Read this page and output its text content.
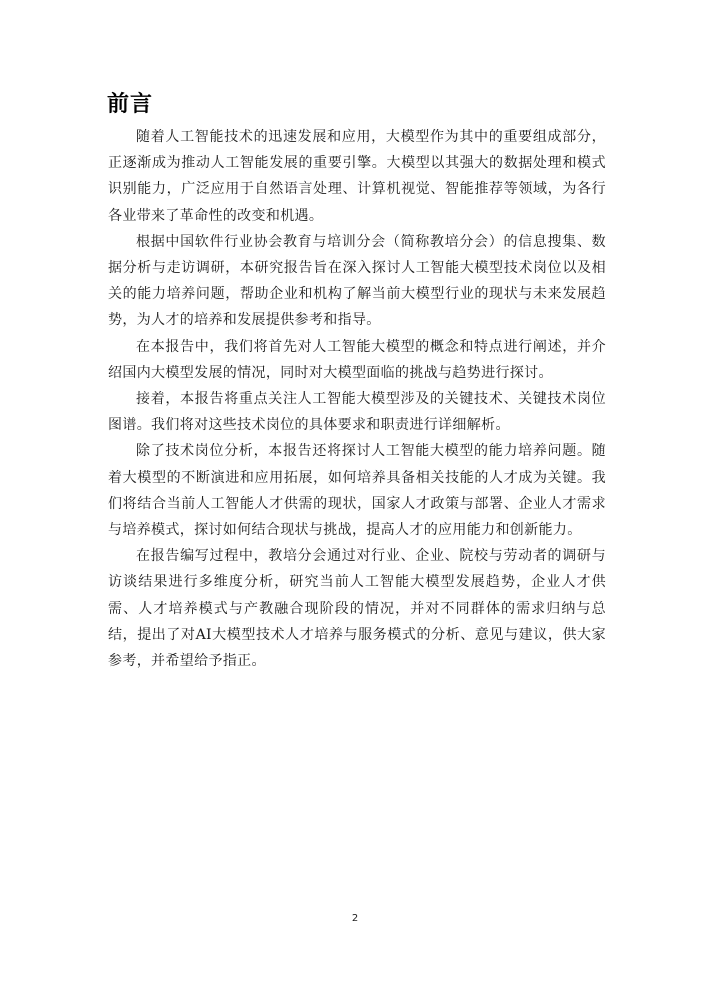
前言

随着人工智能技术的迅速发展和应用，大模型作为其中的重要组成部分，正逐渐成为推动人工智能发展的重要引擎。大模型以其强大的数据处理和模式识别能力，广泛应用于自然语言处理、计算机视觉、智能推荐等领域，为各行各业带来了革命性的改变和机遇。

根据中国软件行业协会教育与培训分会（简称教培分会）的信息搜集、数据分析与走访调研，本研究报告旨在深入探讨人工智能大模型技术岗位以及相关的能力培养问题，帮助企业和机构了解当前大模型行业的现状与未来发展趋势，为人才的培养和发展提供参考和指导。

在本报告中，我们将首先对人工智能大模型的概念和特点进行阐述，并介绍国内大模型发展的情况，同时对大模型面临的挑战与趋势进行探讨。

接着，本报告将重点关注人工智能大模型涉及的关键技术、关键技术岗位图谱。我们将对这些技术岗位的具体要求和职责进行详细解析。

除了技术岗位分析，本报告还将探讨人工智能大模型的能力培养问题。随着大模型的不断演进和应用拓展，如何培养具备相关技能的人才成为关键。我们将结合当前人工智能人才供需的现状，国家人才政策与部署、企业人才需求与培养模式，探讨如何结合现状与挑战，提高人才的应用能力和创新能力。

在报告编写过程中，教培分会通过对行业、企业、院校与劳动者的调研与访谈结果进行多维度分析，研究当前人工智能大模型发展趋势，企业人才供需、人才培养模式与产教融合现阶段的情况，并对不同群体的需求归纳与总结，提出了对AI大模型技术人才培养与服务模式的分析、意见与建议，供大家参考，并希望给予指正。

2
